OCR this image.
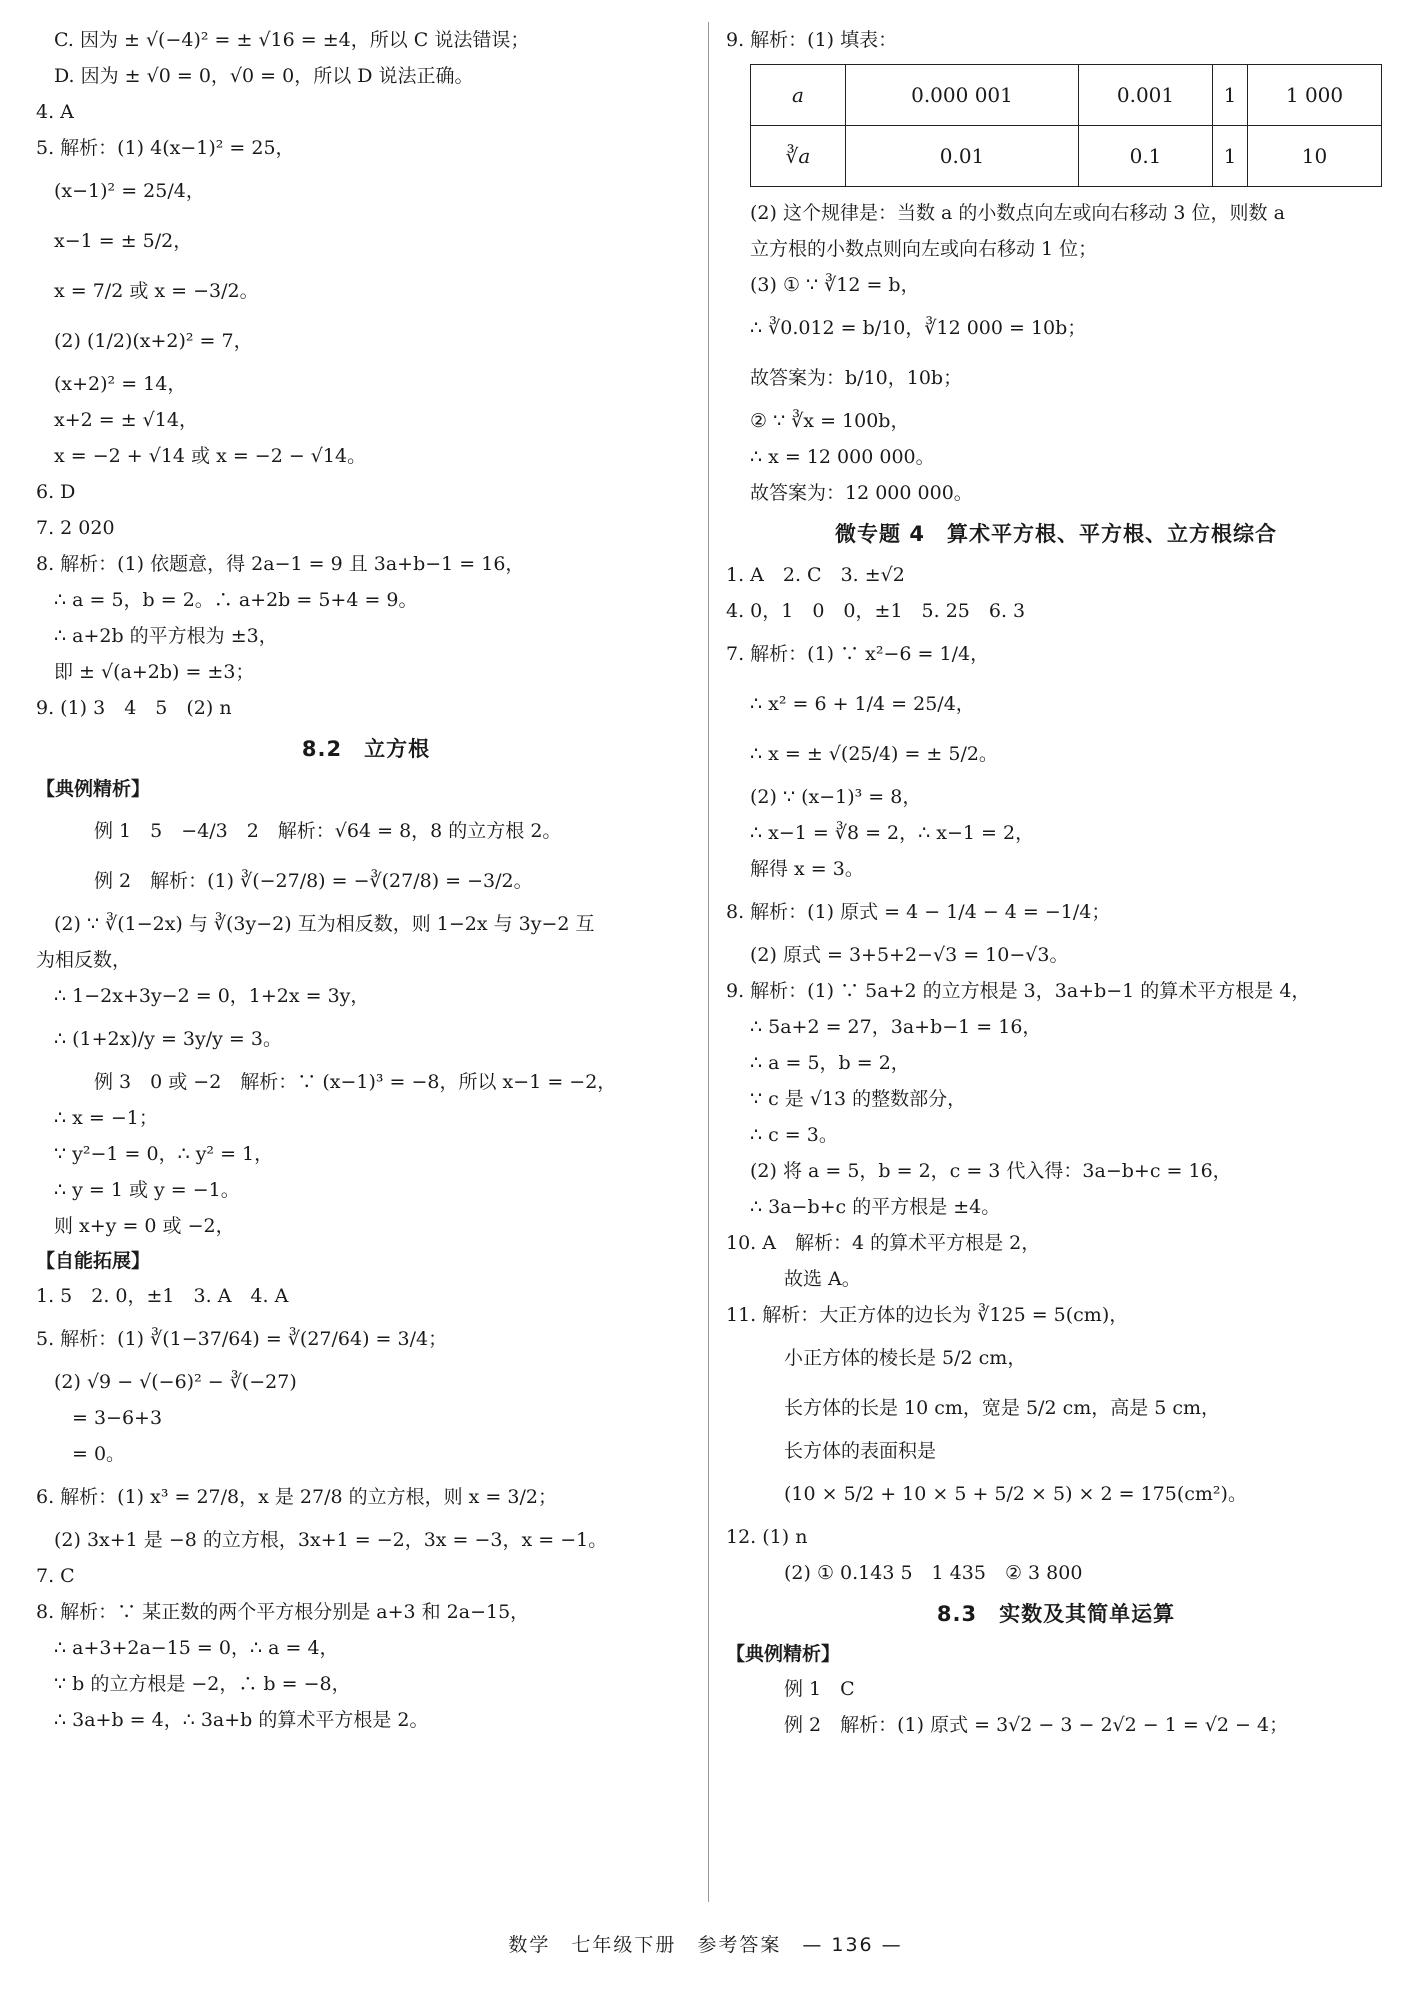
C. 因为 ± √(−4)² = ± √16 = ±4，所以 C 说法错误；
D. 因为 ± √0 = 0，√0 = 0，所以 D 说法正确。
4. A
5. 解析：(1) 4(x−1)² = 25，
(x−1)² = 25/4，
x−1 = ± 5/2，
x = 7/2 或 x = −3/2。
(2) (1/2)(x+2)² = 7，
(x+2)² = 14，
x+2 = ± √14，
x = −2 + √14 或 x = −2 − √14。
6. D
7. 2 020
8. 解析：(1) 依题意，得 2a−1 = 9 且 3a+b−1 = 16，
∴ a = 5，b = 2。∴ a+2b = 5+4 = 9。
∴ a+2b 的平方根为 ±3，
即 ± √(a+2b) = ±3；
9. (1) 3　4　5　(2) n
8.2　立方根
【典例精析】
例 1　5　−4/3　2　解析：√64 = 8，8 的立方根 2。
例 2　解析：(1) ∛(−27/8) = −∛(27/8) = −3/2。
(2) ∵ ∛(1−2x) 与 ∛(3y−2) 互为相反数，则 1−2x 与 3y−2 互
为相反数，
∴ 1−2x+3y−2 = 0，1+2x = 3y，
∴ (1+2x)/y = 3y/y = 3。
例 3　0 或 −2　解析：∵ (x−1)³ = −8，所以 x−1 = −2，
∴ x = −1；
∵ y²−1 = 0，∴ y² = 1，
∴ y = 1 或 y = −1。
则 x+y = 0 或 −2，
【自能拓展】
1. 5　2. 0，±1　3. A　4. A
5. 解析：(1) ∛(1−37/64) = ∛(27/64) = 3/4；
(2) √9 − √(−6)² − ∛(−27)
= 3−6+3
= 0。
6. 解析：(1) x³ = 27/8，x 是 27/8 的立方根，则 x = 3/2；
(2) 3x+1 是 −8 的立方根，3x+1 = −2，3x = −3，x = −1。
7. C
8. 解析：∵ 某正数的两个平方根分别是 a+3 和 2a−15，
∴ a+3+2a−15 = 0，∴ a = 4，
∵ b 的立方根是 −2，∴ b = −8，
∴ 3a+b = 4，∴ 3a+b 的算术平方根是 2。
9. 解析：(1) 填表：
a	0.000 001	0.001	1	1 000
∛a	0.01	0.1	1	10
(2) 这个规律是：当数 a 的小数点向左或向右移动 3 位，则数 a
立方根的小数点则向左或向右移动 1 位；
(3) ① ∵ ∛12 = b，
∴ ∛0.012 = b/10，∛12 000 = 10b；
故答案为：b/10，10b；
② ∵ ∛x = 100b，
∴ x = 12 000 000。
故答案为：12 000 000。
微专题 4　算术平方根、平方根、立方根综合
1. A　2. C　3. ±√2
4. 0，1　0　0，±1　5. 25　6. 3
7. 解析：(1) ∵ x²−6 = 1/4，
∴ x² = 6 + 1/4 = 25/4，
∴ x = ± √(25/4) = ± 5/2。
(2) ∵ (x−1)³ = 8，
∴ x−1 = ∛8 = 2，∴ x−1 = 2，
解得 x = 3。
8. 解析：(1) 原式 = 4 − 1/4 − 4 = −1/4；
(2) 原式 = 3+5+2−√3 = 10−√3。
9. 解析：(1) ∵ 5a+2 的立方根是 3，3a+b−1 的算术平方根是 4，
∴ 5a+2 = 27，3a+b−1 = 16，
∴ a = 5，b = 2，
∵ c 是 √13 的整数部分，
∴ c = 3。
(2) 将 a = 5，b = 2，c = 3 代入得：3a−b+c = 16，
∴ 3a−b+c 的平方根是 ±4。
10. A　解析：4 的算术平方根是 2，
故选 A。
11. 解析：大正方体的边长为 ∛125 = 5(cm)，
小正方体的棱长是 5/2 cm，
长方体的长是 10 cm，宽是 5/2 cm，高是 5 cm，
长方体的表面积是
(10 × 5/2 + 10 × 5 + 5/2 × 5) × 2 = 175(cm²)。
12. (1) n
(2) ① 0.143 5　1 435　② 3 800
8.3　实数及其简单运算
【典例精析】
例 1　C
例 2　解析：(1) 原式 = 3√2 − 3 − 2√2 − 1 = √2 − 4；
数学　七年级下册　参考答案　— 136 —
